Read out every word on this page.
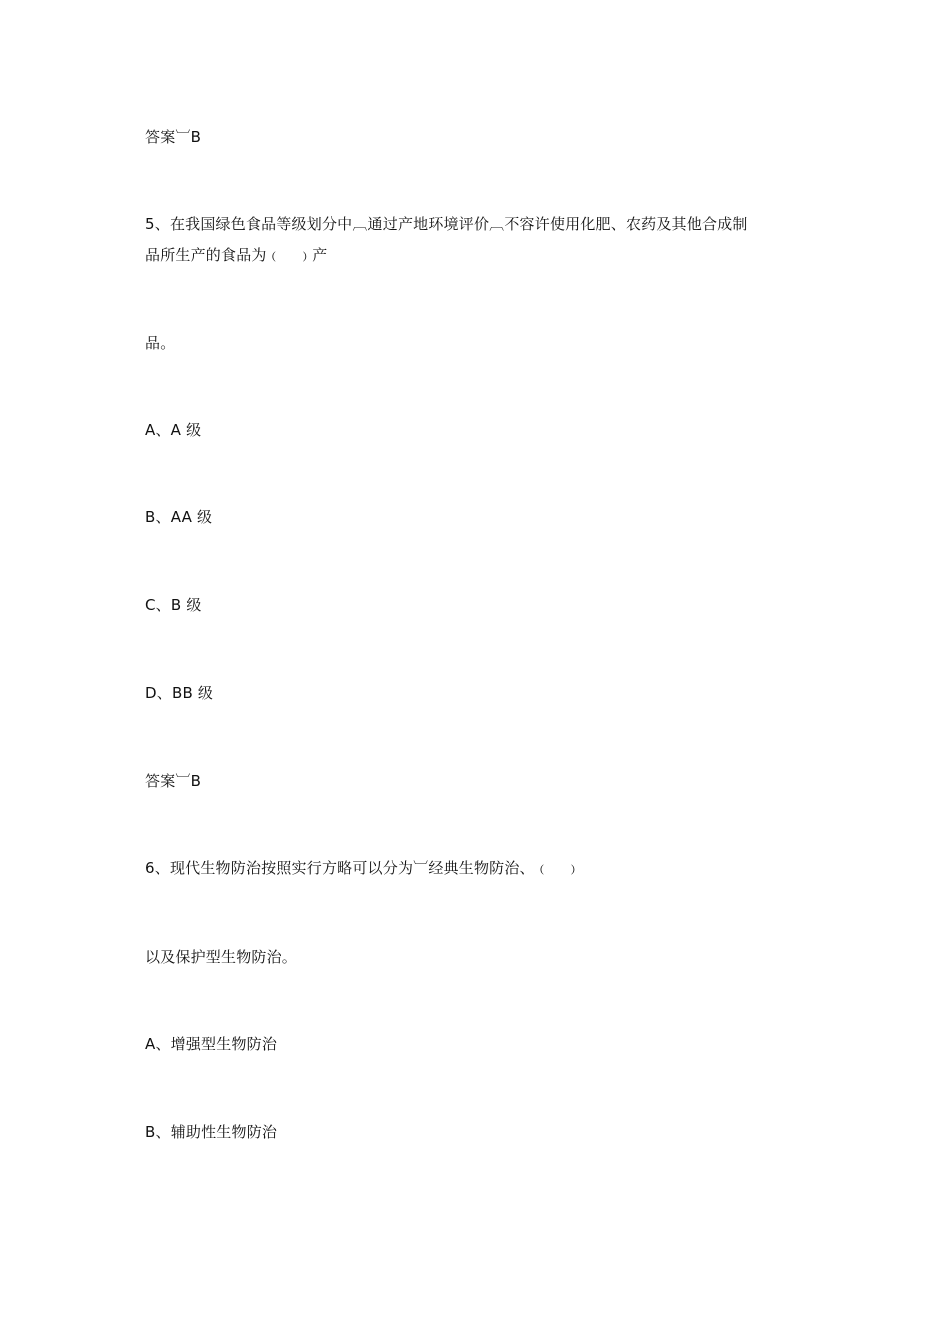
答案︺B
5、在我国绿色食品等级划分中︹通过产地环境评价︹不容许使用化肥、农药及其他合成制
品所生产的食品为﹙　﹚产
品。
A、A 级
B、AA 级
C、B 级
D、BB 级
答案︺B
6、现代生物防治按照实行方略可以分为︺经典生物防治、﹙　﹚
以及保护型生物防治。
A、增强型生物防治
B、辅助性生物防治
